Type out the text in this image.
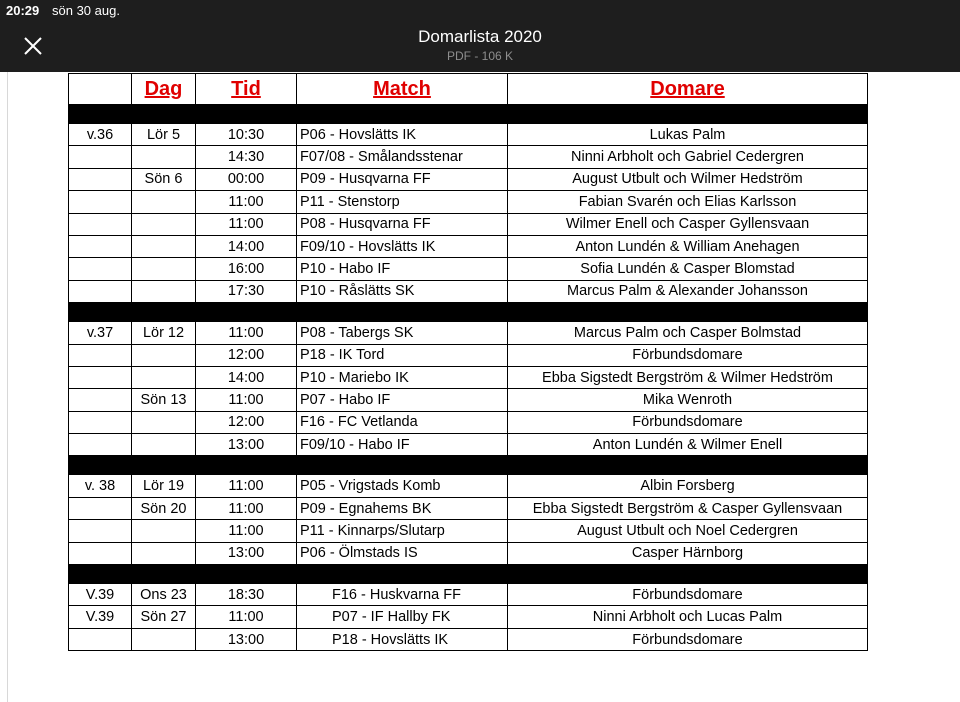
20:29 sön 30 aug.
Domarlista 2020
PDF - 106 K
	Dag	Tid	Match	Domare

v.36	Lör 5	10:30	P06 - Hovslätts IK	Lukas Palm
		14:30	F07/08 - Smålandsstenar	Ninni Arbholt och Gabriel Cedergren
	Sön 6	00:00	P09 - Husqvarna FF	August Utbult och Wilmer Hedström
		11:00	P11 - Stenstorp	Fabian Svarén och Elias Karlsson
		11:00	P08 - Husqvarna FF	Wilmer Enell och Casper Gyllensvaan
		14:00	F09/10 - Hovslätts IK	Anton Lundén & William Anehagen
		16:00	P10 - Habo IF	Sofia Lundén & Casper Blomstad
		17:30	P10 - Råslätts SK	Marcus Palm & Alexander Johansson

v.37	Lör 12	11:00	P08 - Tabergs SK	Marcus Palm och Casper Bolmstad
		12:00	P18 - IK Tord	Förbundsdomare
		14:00	P10 - Mariebo IK	Ebba Sigstedt Bergström & Wilmer Hedström
	Sön 13	11:00	P07 - Habo IF	Mika Wenroth
		12:00	F16 - FC Vetlanda	Förbundsdomare
		13:00	F09/10 - Habo IF	Anton Lundén & Wilmer Enell

v. 38	Lör 19	11:00	P05 - Vrigstads Komb	Albin Forsberg
	Sön 20	11:00	P09 - Egnahems BK	Ebba Sigstedt Bergström & Casper Gyllensvaan
		11:00	P11 - Kinnarps/Slutarp	August Utbult och Noel Cedergren
		13:00	P06 - Ölmstads IS	Casper Härnborg

V.39	Ons 23	18:30	F16 - Huskvarna FF	Förbundsdomare
V.39	Sön 27	11:00	P07 - IF Hallby FK	Ninni Arbholt och Lucas Palm
		13:00	P18 - Hovslätts IK	Förbundsdomare
